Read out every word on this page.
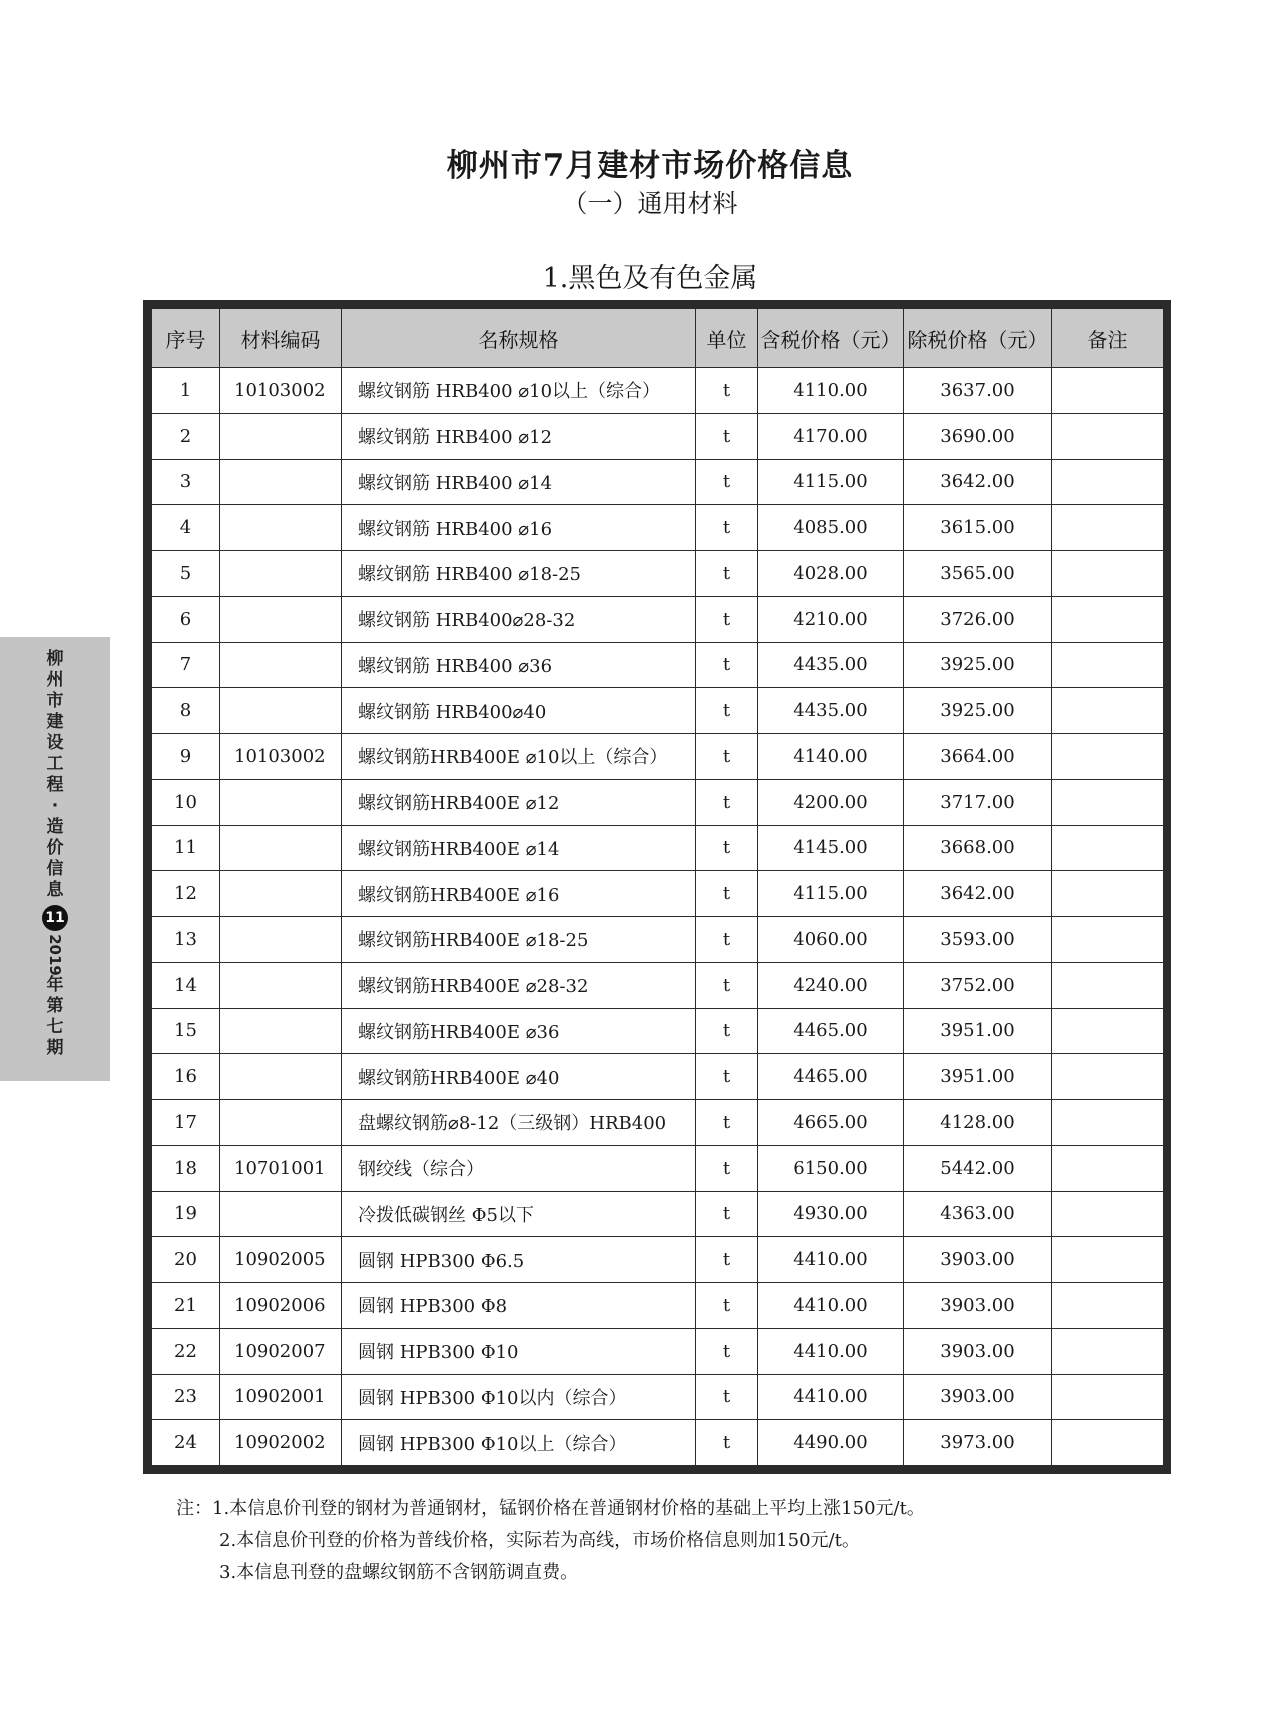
柳州市7月建材市场价格信息
（一）通用材料
1.黑色及有色金属
序号	材料编码	名称规格	单位	含税价格（元）	除税价格（元）	备注
1	10103002	螺纹钢筋 HRB400 ⌀10以上（综合）	t	4110.00	3637.00	
2		螺纹钢筋 HRB400 ⌀12	t	4170.00	3690.00	
3		螺纹钢筋 HRB400 ⌀14	t	4115.00	3642.00	
4		螺纹钢筋 HRB400 ⌀16	t	4085.00	3615.00	
5		螺纹钢筋 HRB400 ⌀18-25	t	4028.00	3565.00	
6		螺纹钢筋 HRB400⌀28-32	t	4210.00	3726.00	
7		螺纹钢筋 HRB400 ⌀36	t	4435.00	3925.00	
8		螺纹钢筋 HRB400⌀40	t	4435.00	3925.00	
9	10103002	螺纹钢筋HRB400E ⌀10以上（综合）	t	4140.00	3664.00	
10		螺纹钢筋HRB400E ⌀12	t	4200.00	3717.00	
11		螺纹钢筋HRB400E ⌀14	t	4145.00	3668.00	
12		螺纹钢筋HRB400E ⌀16	t	4115.00	3642.00	
13		螺纹钢筋HRB400E ⌀18-25	t	4060.00	3593.00	
14		螺纹钢筋HRB400E ⌀28-32	t	4240.00	3752.00	
15		螺纹钢筋HRB400E ⌀36	t	4465.00	3951.00	
16		螺纹钢筋HRB400E ⌀40	t	4465.00	3951.00	
17		盘螺纹钢筋⌀8-12（三级钢）HRB400	t	4665.00	4128.00	
18	10701001	钢绞线（综合）	t	6150.00	5442.00	
19		冷拨低碳钢丝 Φ5以下	t	4930.00	4363.00	
20	10902005	圆钢 HPB300 Φ6.5	t	4410.00	3903.00	
21	10902006	圆钢 HPB300 Φ8	t	4410.00	3903.00	
22	10902007	圆钢 HPB300 Φ10	t	4410.00	3903.00	
23	10902001	圆钢 HPB300 Φ10以内（综合）	t	4410.00	3903.00	
24	10902002	圆钢 HPB300 Φ10以上（综合）	t	4490.00	3973.00	
注：1.本信息价刊登的钢材为普通钢材，锰钢价格在普通钢材价格的基础上平均上涨150元/t。
2.本信息价刊登的价格为普线价格，实际若为高线，市场价格信息则加150元/t。
3.本信息刊登的盘螺纹钢筋不含钢筋调直费。
柳
州
市
建
设
工
程
·
造
价
信
息
11
2019
年
第
七
期
